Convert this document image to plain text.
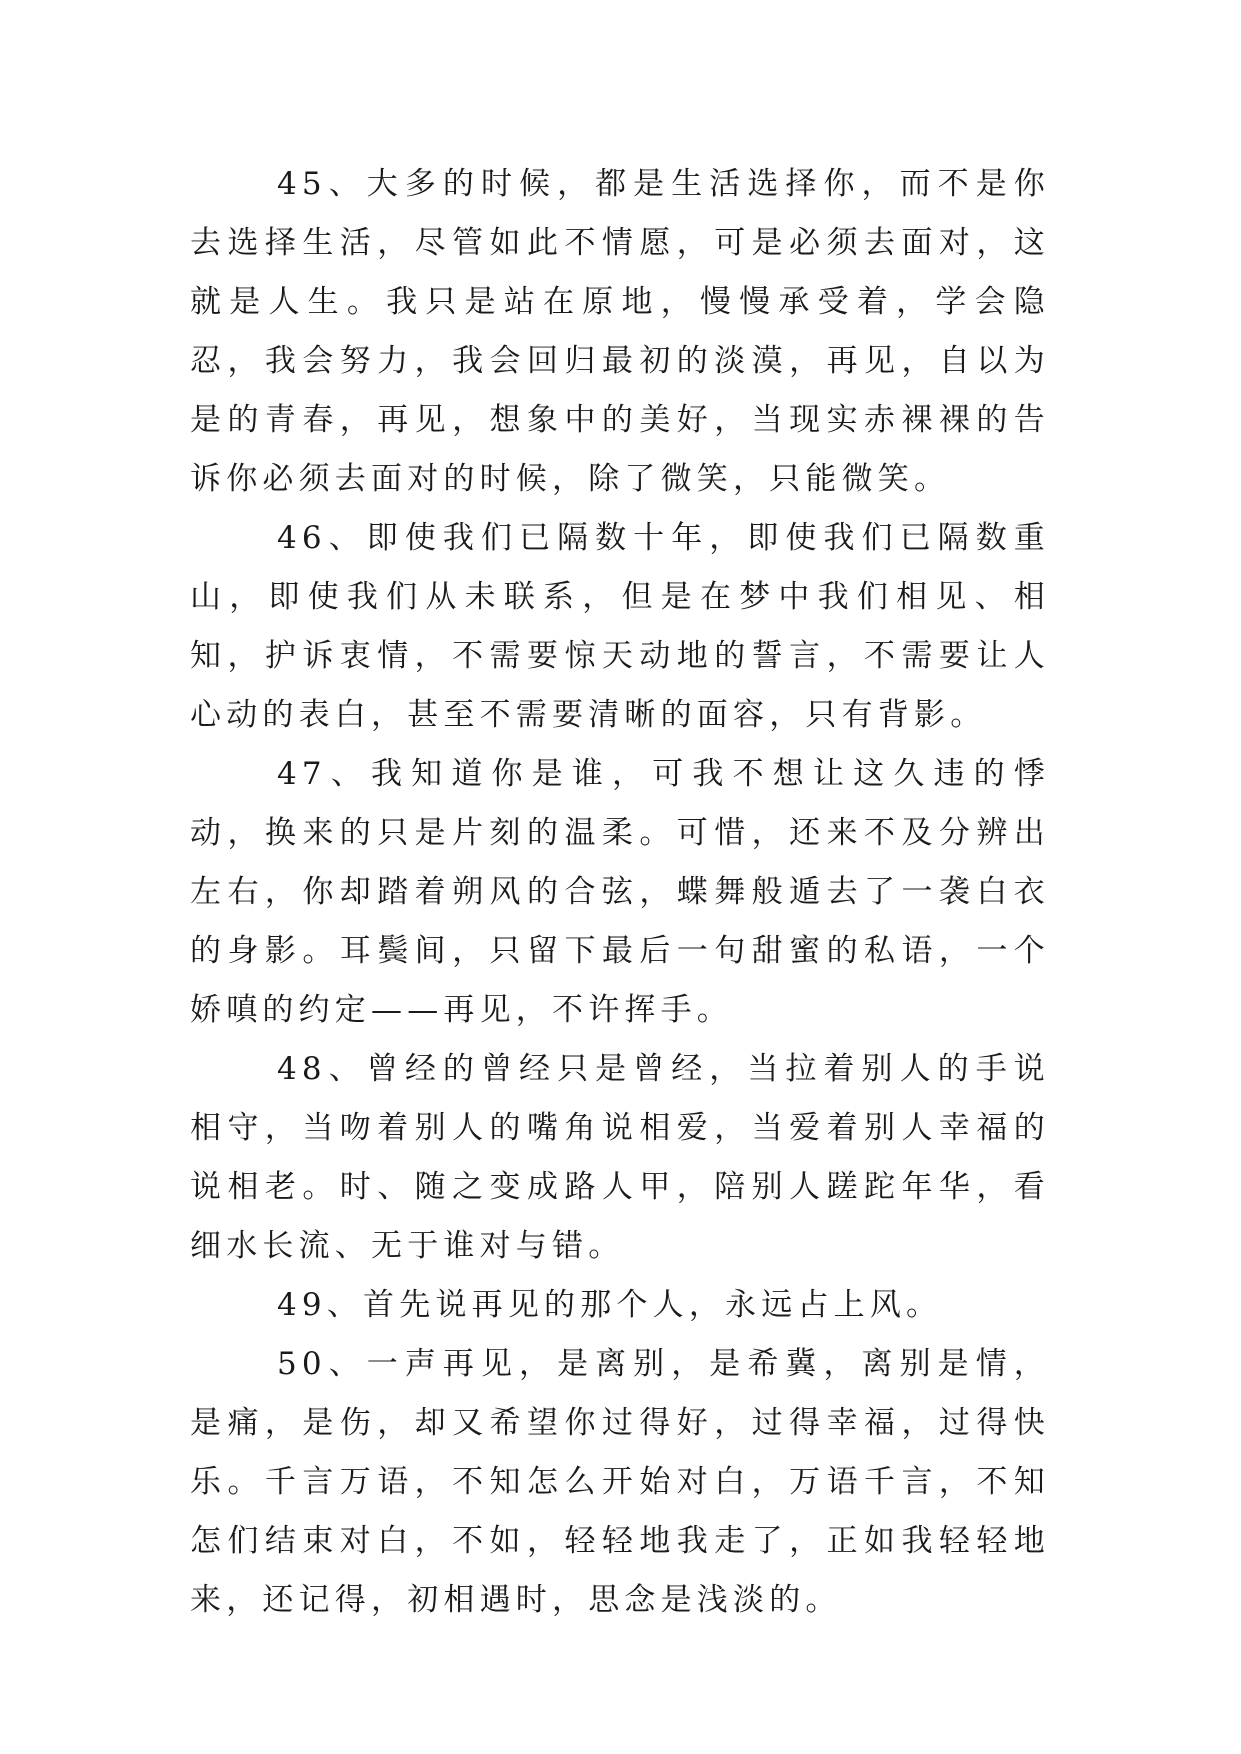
45、大多的时候，都是生活选择你，而不是你去选择生活，尽管如此不情愿，可是必须去面对，这就是人生。我只是站在原地，慢慢承受着，学会隐忍，我会努力，我会回归最初的淡漠，再见，自以为是的青春，再见，想象中的美好，当现实赤裸裸的告诉你必须去面对的时候，除了微笑，只能微笑。

46、即使我们已隔数十年，即使我们已隔数重山，即使我们从未联系，但是在梦中我们相见、相知，护诉衷情，不需要惊天动地的誓言，不需要让人心动的表白，甚至不需要清晰的面容，只有背影。

47、我知道你是谁，可我不想让这久违的悸动，换来的只是片刻的温柔。可惜，还来不及分辨出左右，你却踏着朔风的合弦，蝶舞般遁去了一袭白衣的身影。耳鬓间，只留下最后一句甜蜜的私语，一个娇嗔的约定——再见，不许挥手。

48、曾经的曾经只是曾经，当拉着别人的手说相守，当吻着别人的嘴角说相爱，当爱着别人幸福的说相老。时、随之变成路人甲，陪别人蹉跎年华，看细水长流、无于谁对与错。

49、首先说再见的那个人，永远占上风。

50、一声再见，是离别，是希冀，离别是情，是痛，是伤，却又希望你过得好，过得幸福，过得快乐。千言万语，不知怎么开始对白，万语千言，不知怎们结束对白，不如，轻轻地我走了，正如我轻轻地来，还记得，初相遇时，思念是浅淡的。
